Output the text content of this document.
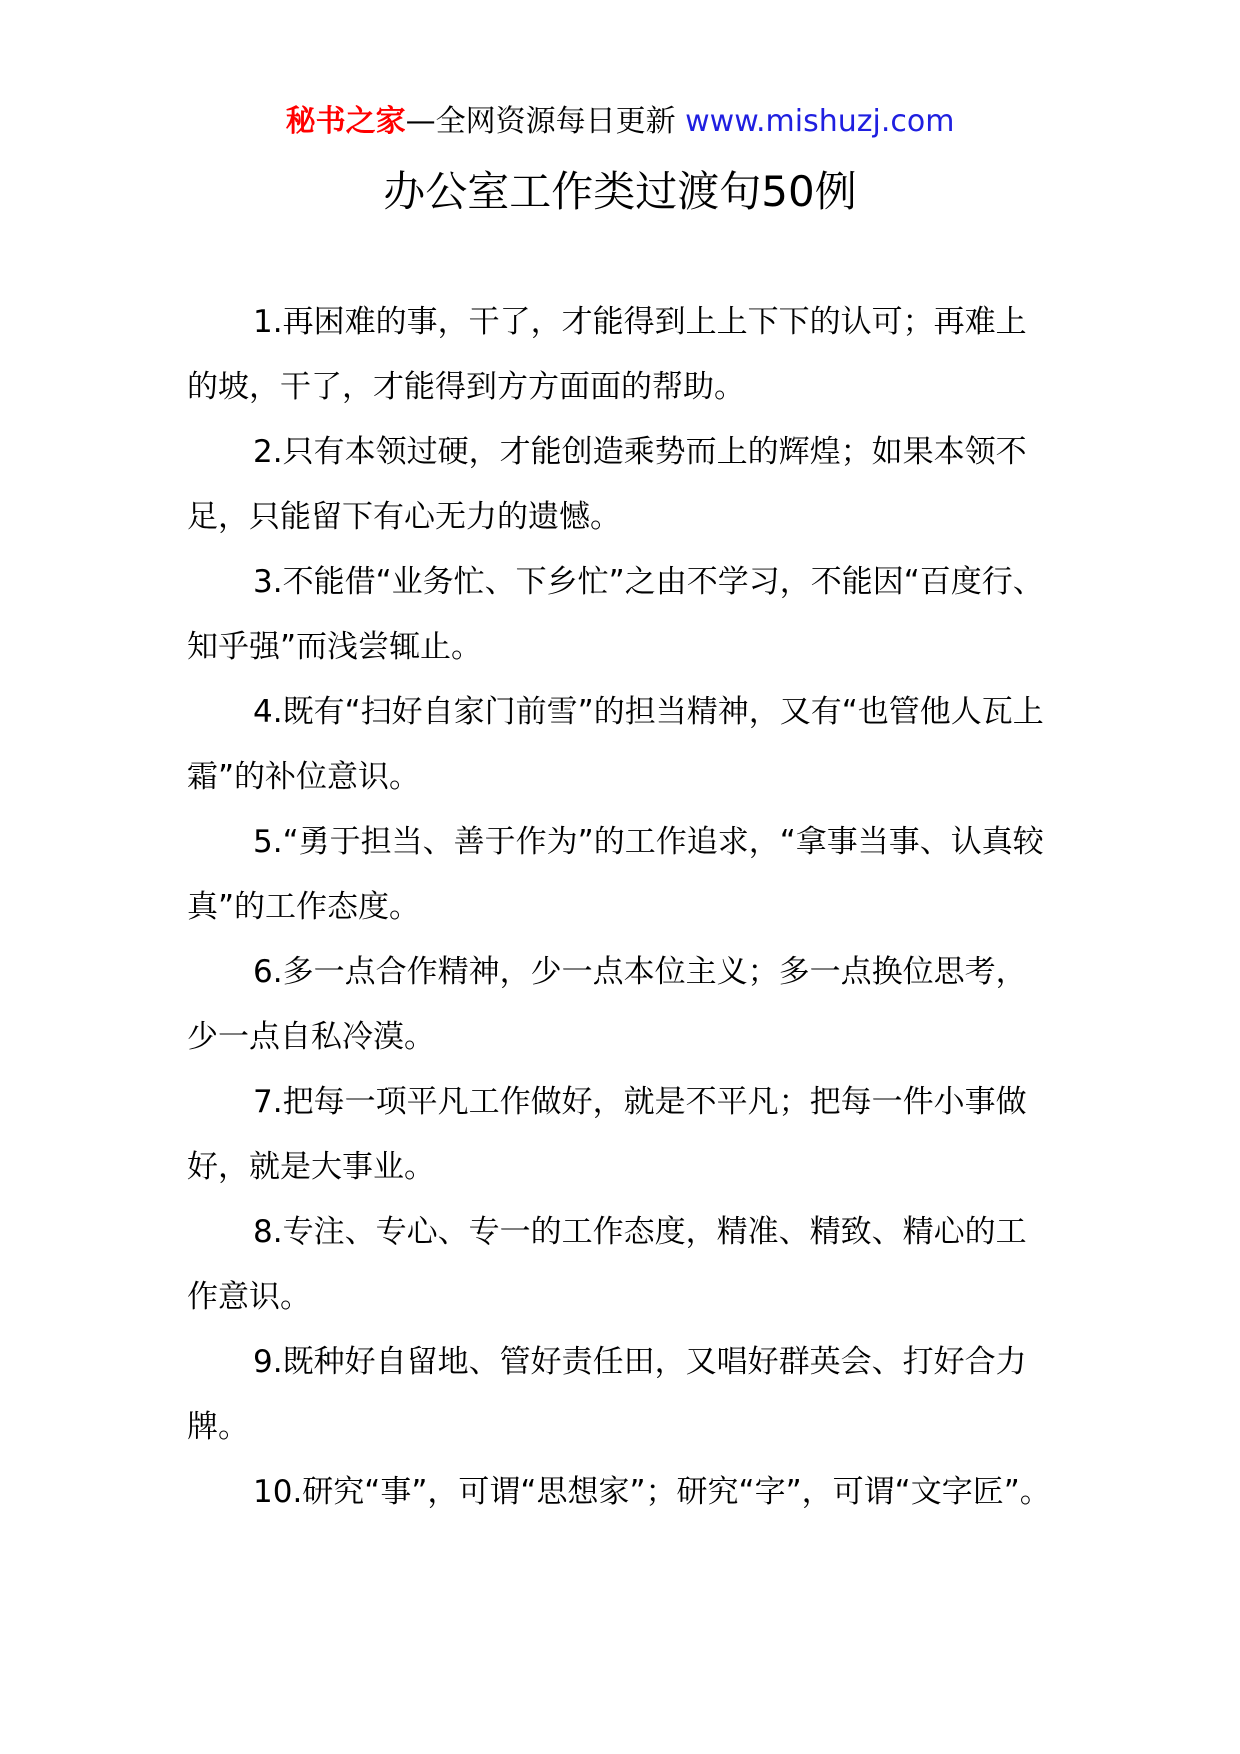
秘书之家—全网资源每日更新 www.mishuzj.com
办公室工作类过渡句50例

1.再困难的事，干了，才能得到上上下下的认可；再难上的坡，干了，才能得到方方面面的帮助。

2.只有本领过硬，才能创造乘势而上的辉煌；如果本领不足，只能留下有心无力的遗憾。

3.不能借“业务忙、下乡忙”之由不学习，不能因“百度行、知乎强”而浅尝辄止。

4.既有“扫好自家门前雪”的担当精神，又有“也管他人瓦上霜”的补位意识。

5.“勇于担当、善于作为”的工作追求，“拿事当事、认真较真”的工作态度。

6.多一点合作精神，少一点本位主义；多一点换位思考，少一点自私冷漠。

7.把每一项平凡工作做好，就是不平凡；把每一件小事做好，就是大事业。

8.专注、专心、专一的工作态度，精准、精致、精心的工作意识。

9.既种好自留地、管好责任田，又唱好群英会、打好合力牌。

10.研究“事”，可谓“思想家”；研究“字”，可谓“文字匠”。
